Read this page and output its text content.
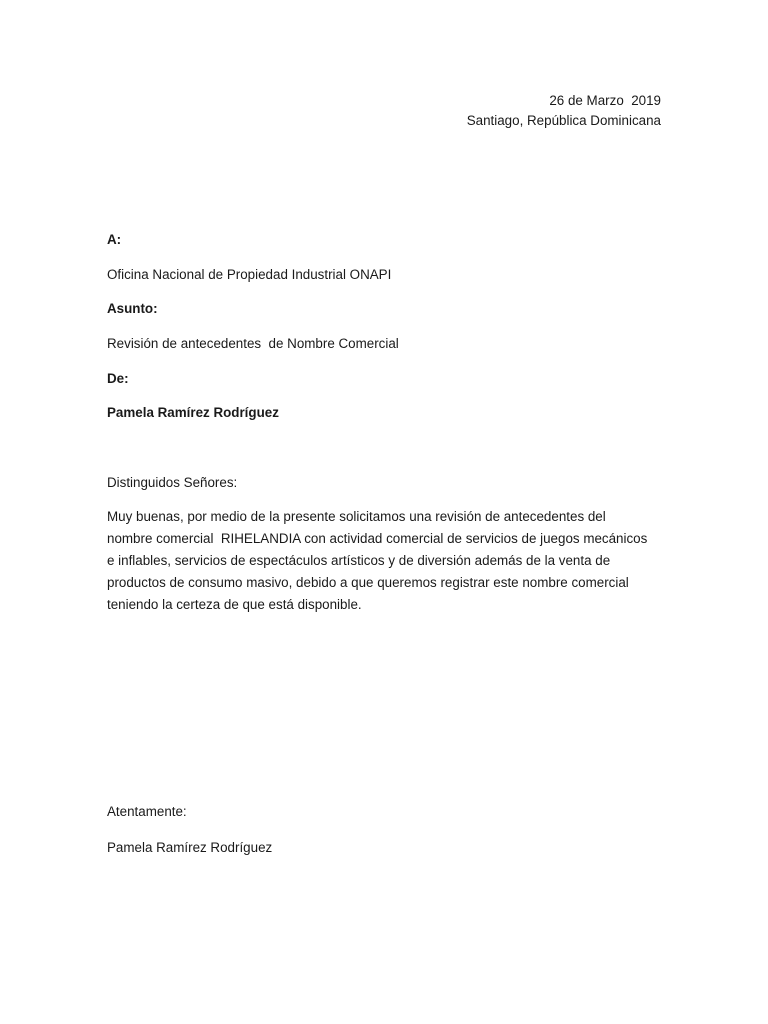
26 de Marzo  2019
Santiago, República Dominicana
A:
Oficina Nacional de Propiedad Industrial ONAPI
Asunto:
Revisión de antecedentes  de Nombre Comercial
De:
Pamela Ramírez Rodríguez
Distinguidos Señores:
Muy buenas, por medio de la presente solicitamos una revisión de antecedentes del
nombre comercial  RIHELANDIA con actividad comercial de servicios de juegos mecánicos
e inflables, servicios de espectáculos artísticos y de diversión además de la venta de
productos de consumo masivo, debido a que queremos registrar este nombre comercial
teniendo la certeza de que está disponible.
Atentamente:
Pamela Ramírez Rodríguez
